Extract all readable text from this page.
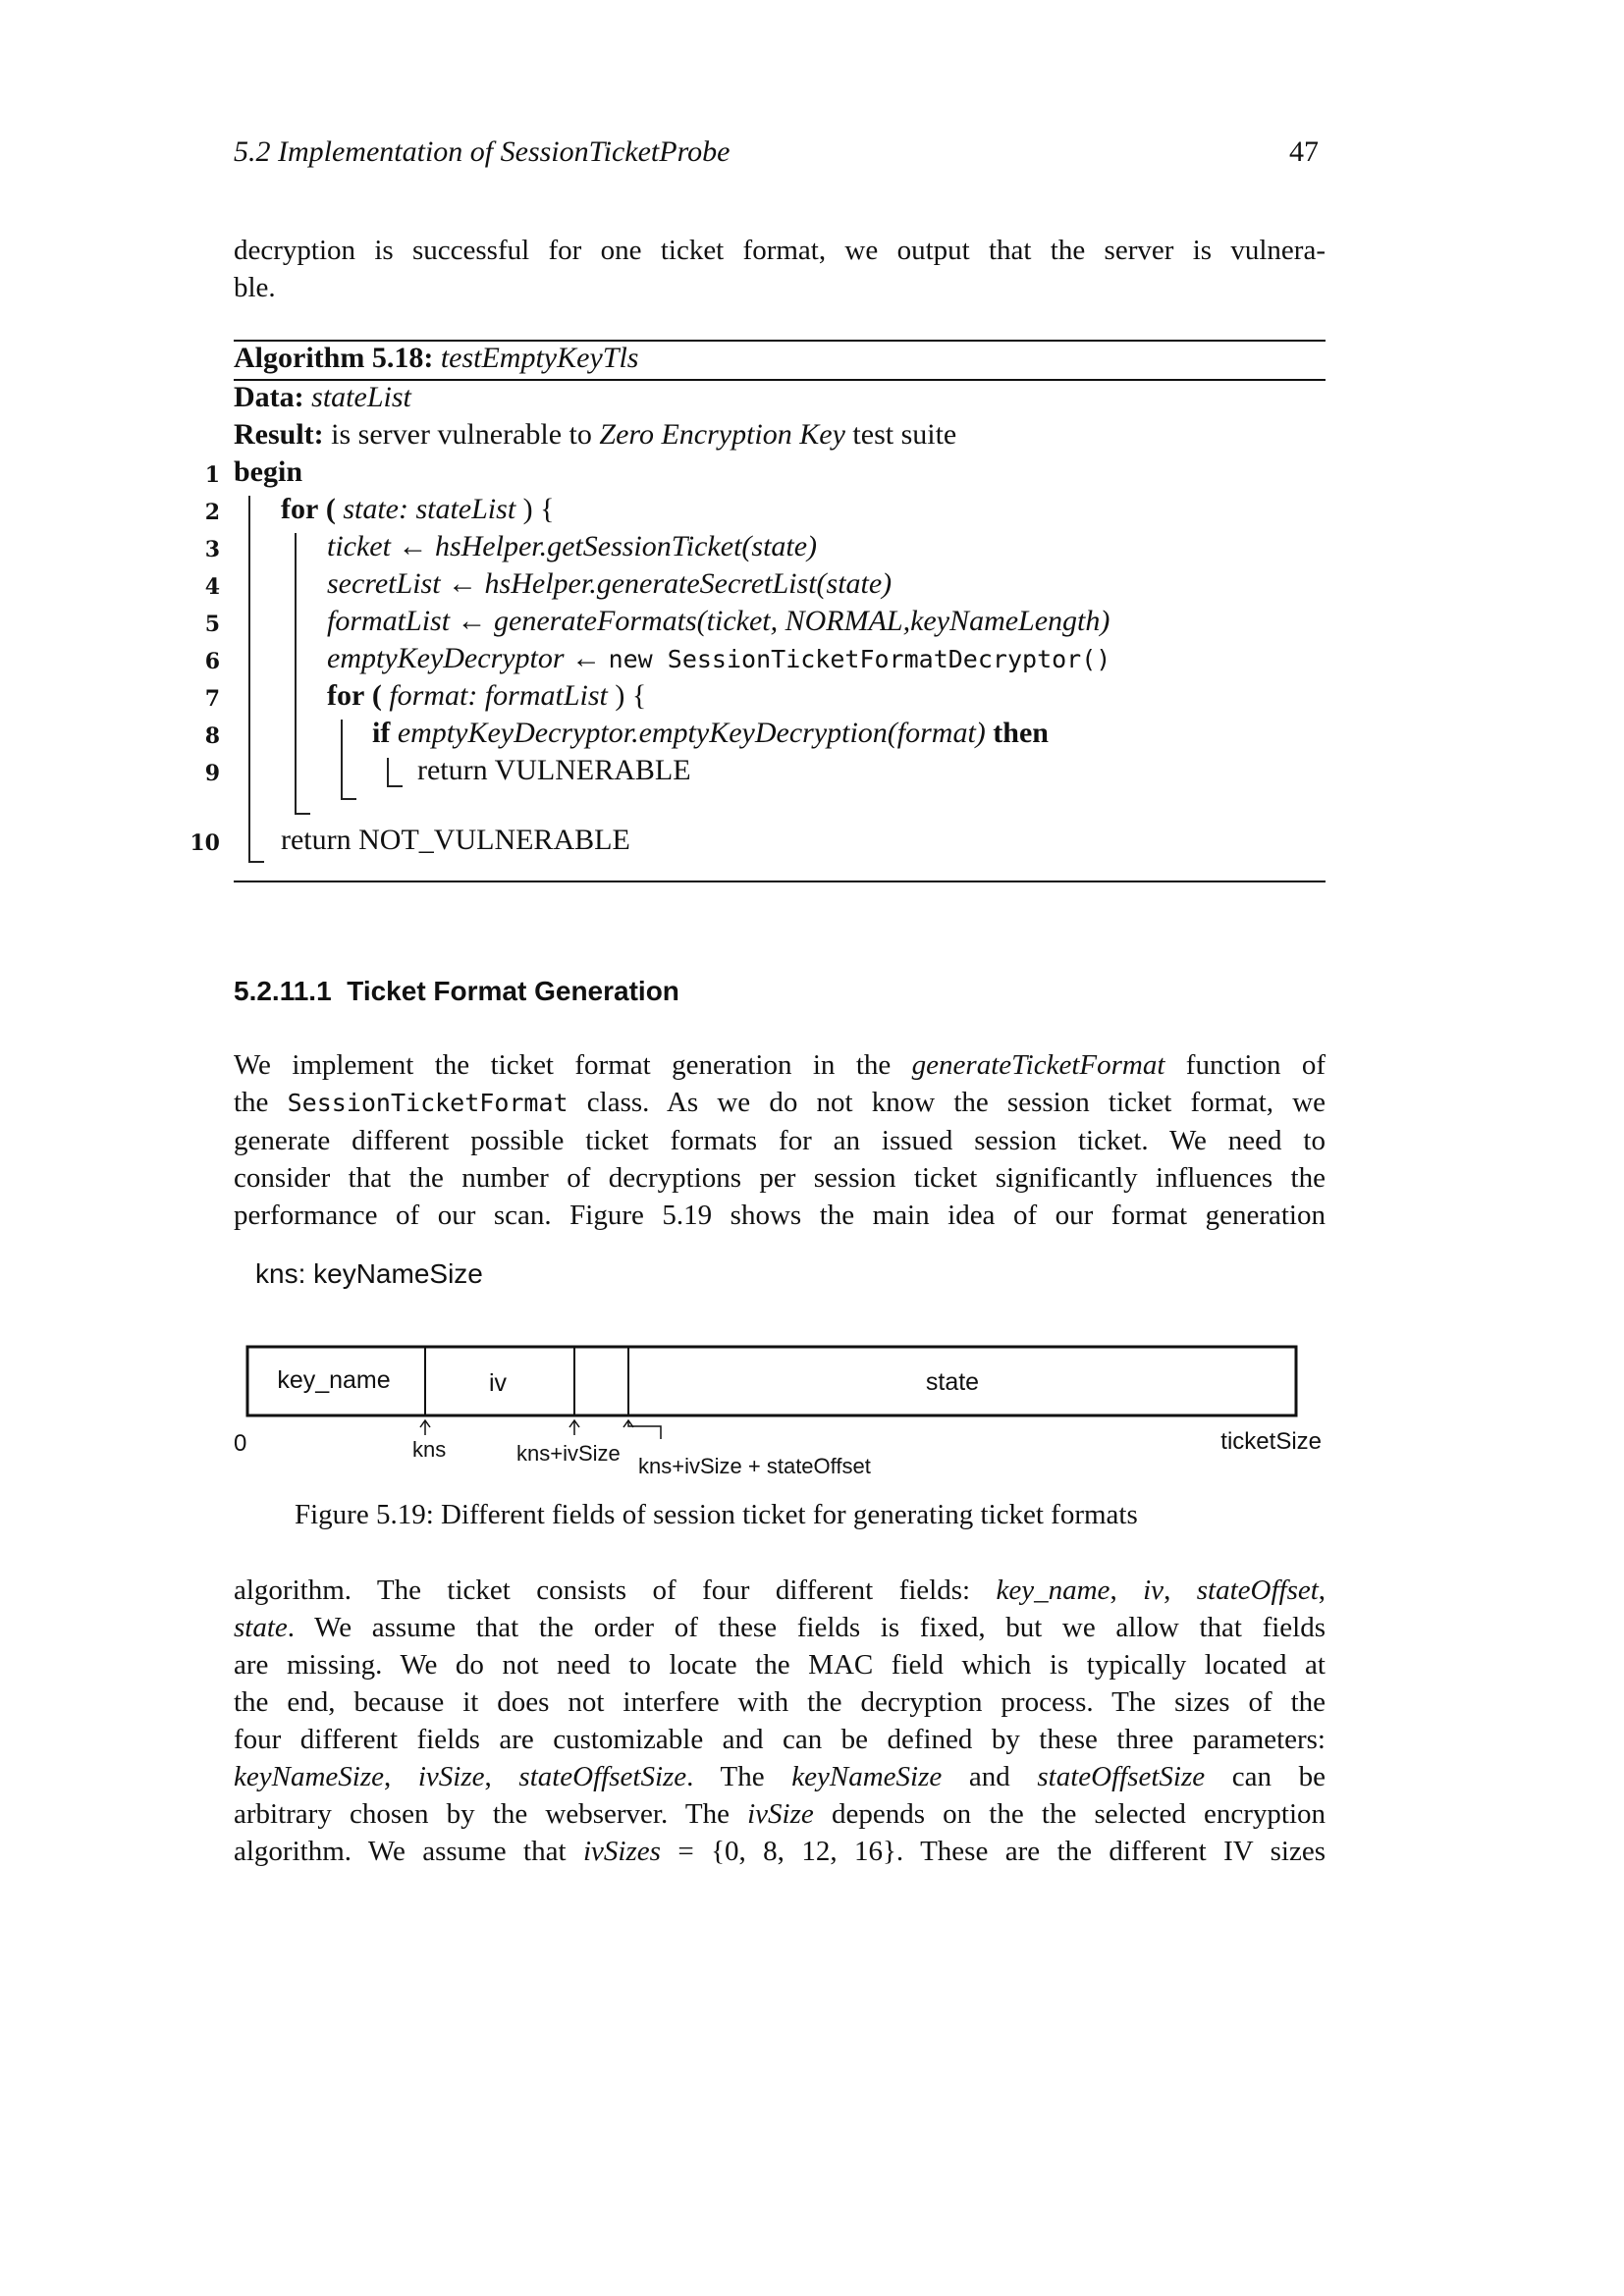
5.2 Implementation of SessionTicketProbe	47
decryption is successful for one ticket format, we output that the server is vulnera-
ble.
Algorithm 5.18: testEmptyKeyTls
Data: stateList
Result: is server vulnerable to Zero Encryption Key test suite
1
2
3
4
5
6
7
8
9
10
begin
for ( state: stateList ) {
ticket ← hsHelper.getSessionTicket(state)
secretList ← hsHelper.generateSecretList(state)
formatList ← generateFormats(ticket, NORMAL,keyNameLength)
emptyKeyDecryptor ← new SessionTicketFormatDecryptor()
for ( format: formatList ) {
if emptyKeyDecryptor.emptyKeyDecryption(format) then
return VULNERABLE
return NOT_VULNERABLE
5.2.11.1 Ticket Format Generation
We implement the ticket format generation in the generateTicketFormat function of
the SessionTicketFormat class. As we do not know the session ticket format, we
generate different possible ticket formats for an issued session ticket. We need to
consider that the number of decryptions per session ticket significantly influences the
performance of our scan. Figure 5.19 shows the main idea of our format generation
kns: keyNameSize
key_name	iv	state
0	kns	kns+ivSize
kns+ivSize + stateOffset
ticketSize
Figure 5.19: Different fields of session ticket for generating ticket formats
algorithm. The ticket consists of four different fields: key_name, iv, stateOffset,
state. We assume that the order of these fields is fixed, but we allow that fields
are missing. We do not need to locate the MAC field which is typically located at
the end, because it does not interfere with the decryption process. The sizes of the
four different fields are customizable and can be defined by these three parameters:
keyNameSize, ivSize, stateOffsetSize. The keyNameSize and stateOffsetSize can be
arbitrary chosen by the webserver. The ivSize depends on the the selected encryption
algorithm. We assume that ivSizes = {0, 8, 12, 16}. These are the different IV sizes
